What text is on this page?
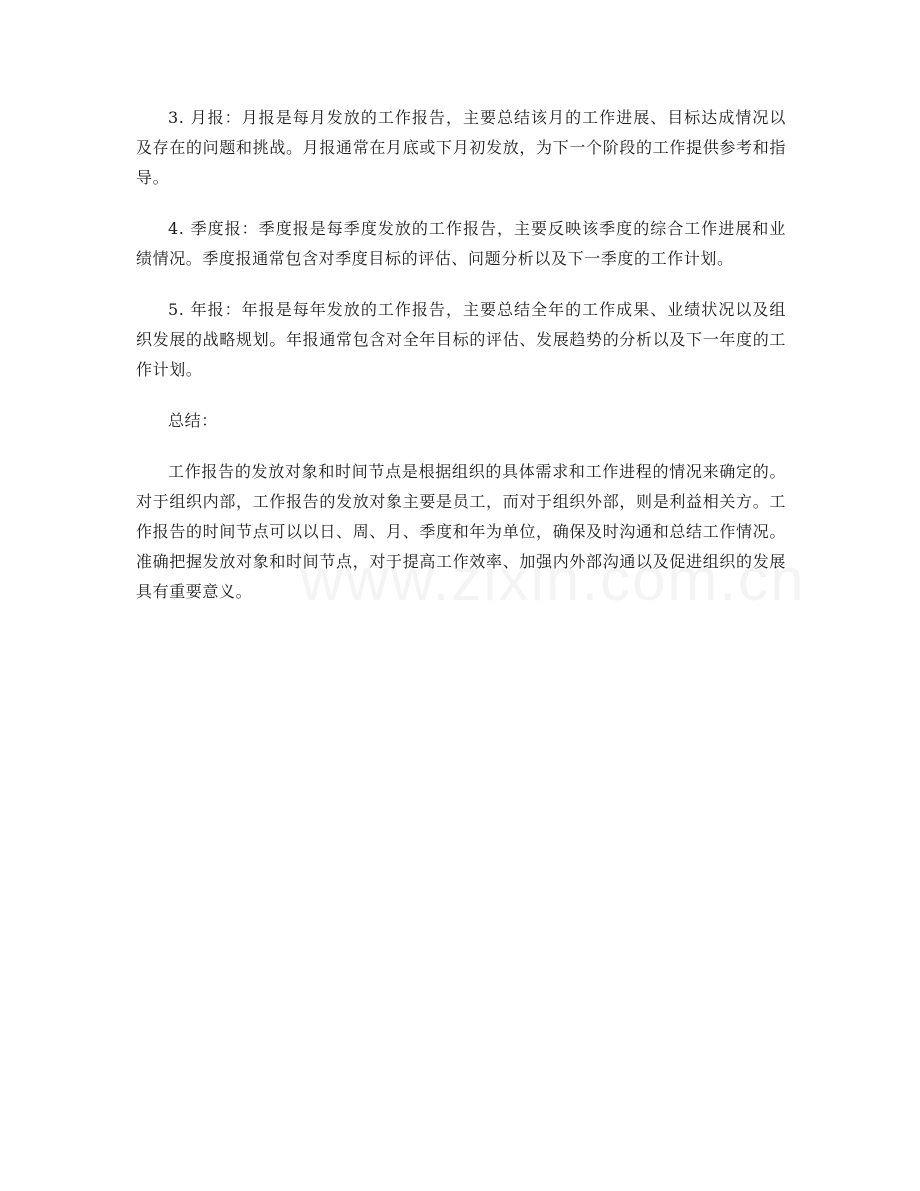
3. 月报：月报是每月发放的工作报告，主要总结该月的工作进展、目标达成情况以及存在的问题和挑战。月报通常在月底或下月初发放，为下一个阶段的工作提供参考和指导。

4. 季度报：季度报是每季度发放的工作报告，主要反映该季度的综合工作进展和业绩情况。季度报通常包含对季度目标的评估、问题分析以及下一季度的工作计划。

5. 年报：年报是每年发放的工作报告，主要总结全年的工作成果、业绩状况以及组织发展的战略规划。年报通常包含对全年目标的评估、发展趋势的分析以及下一年度的工作计划。

总结：

工作报告的发放对象和时间节点是根据组织的具体需求和工作进程的情况来确定的。对于组织内部，工作报告的发放对象主要是员工，而对于组织外部，则是利益相关方。工作报告的时间节点可以以日、周、月、季度和年为单位，确保及时沟通和总结工作情况。准确把握发放对象和时间节点，对于提高工作效率、加强内外部沟通以及促进组织的发展具有重要意义。
